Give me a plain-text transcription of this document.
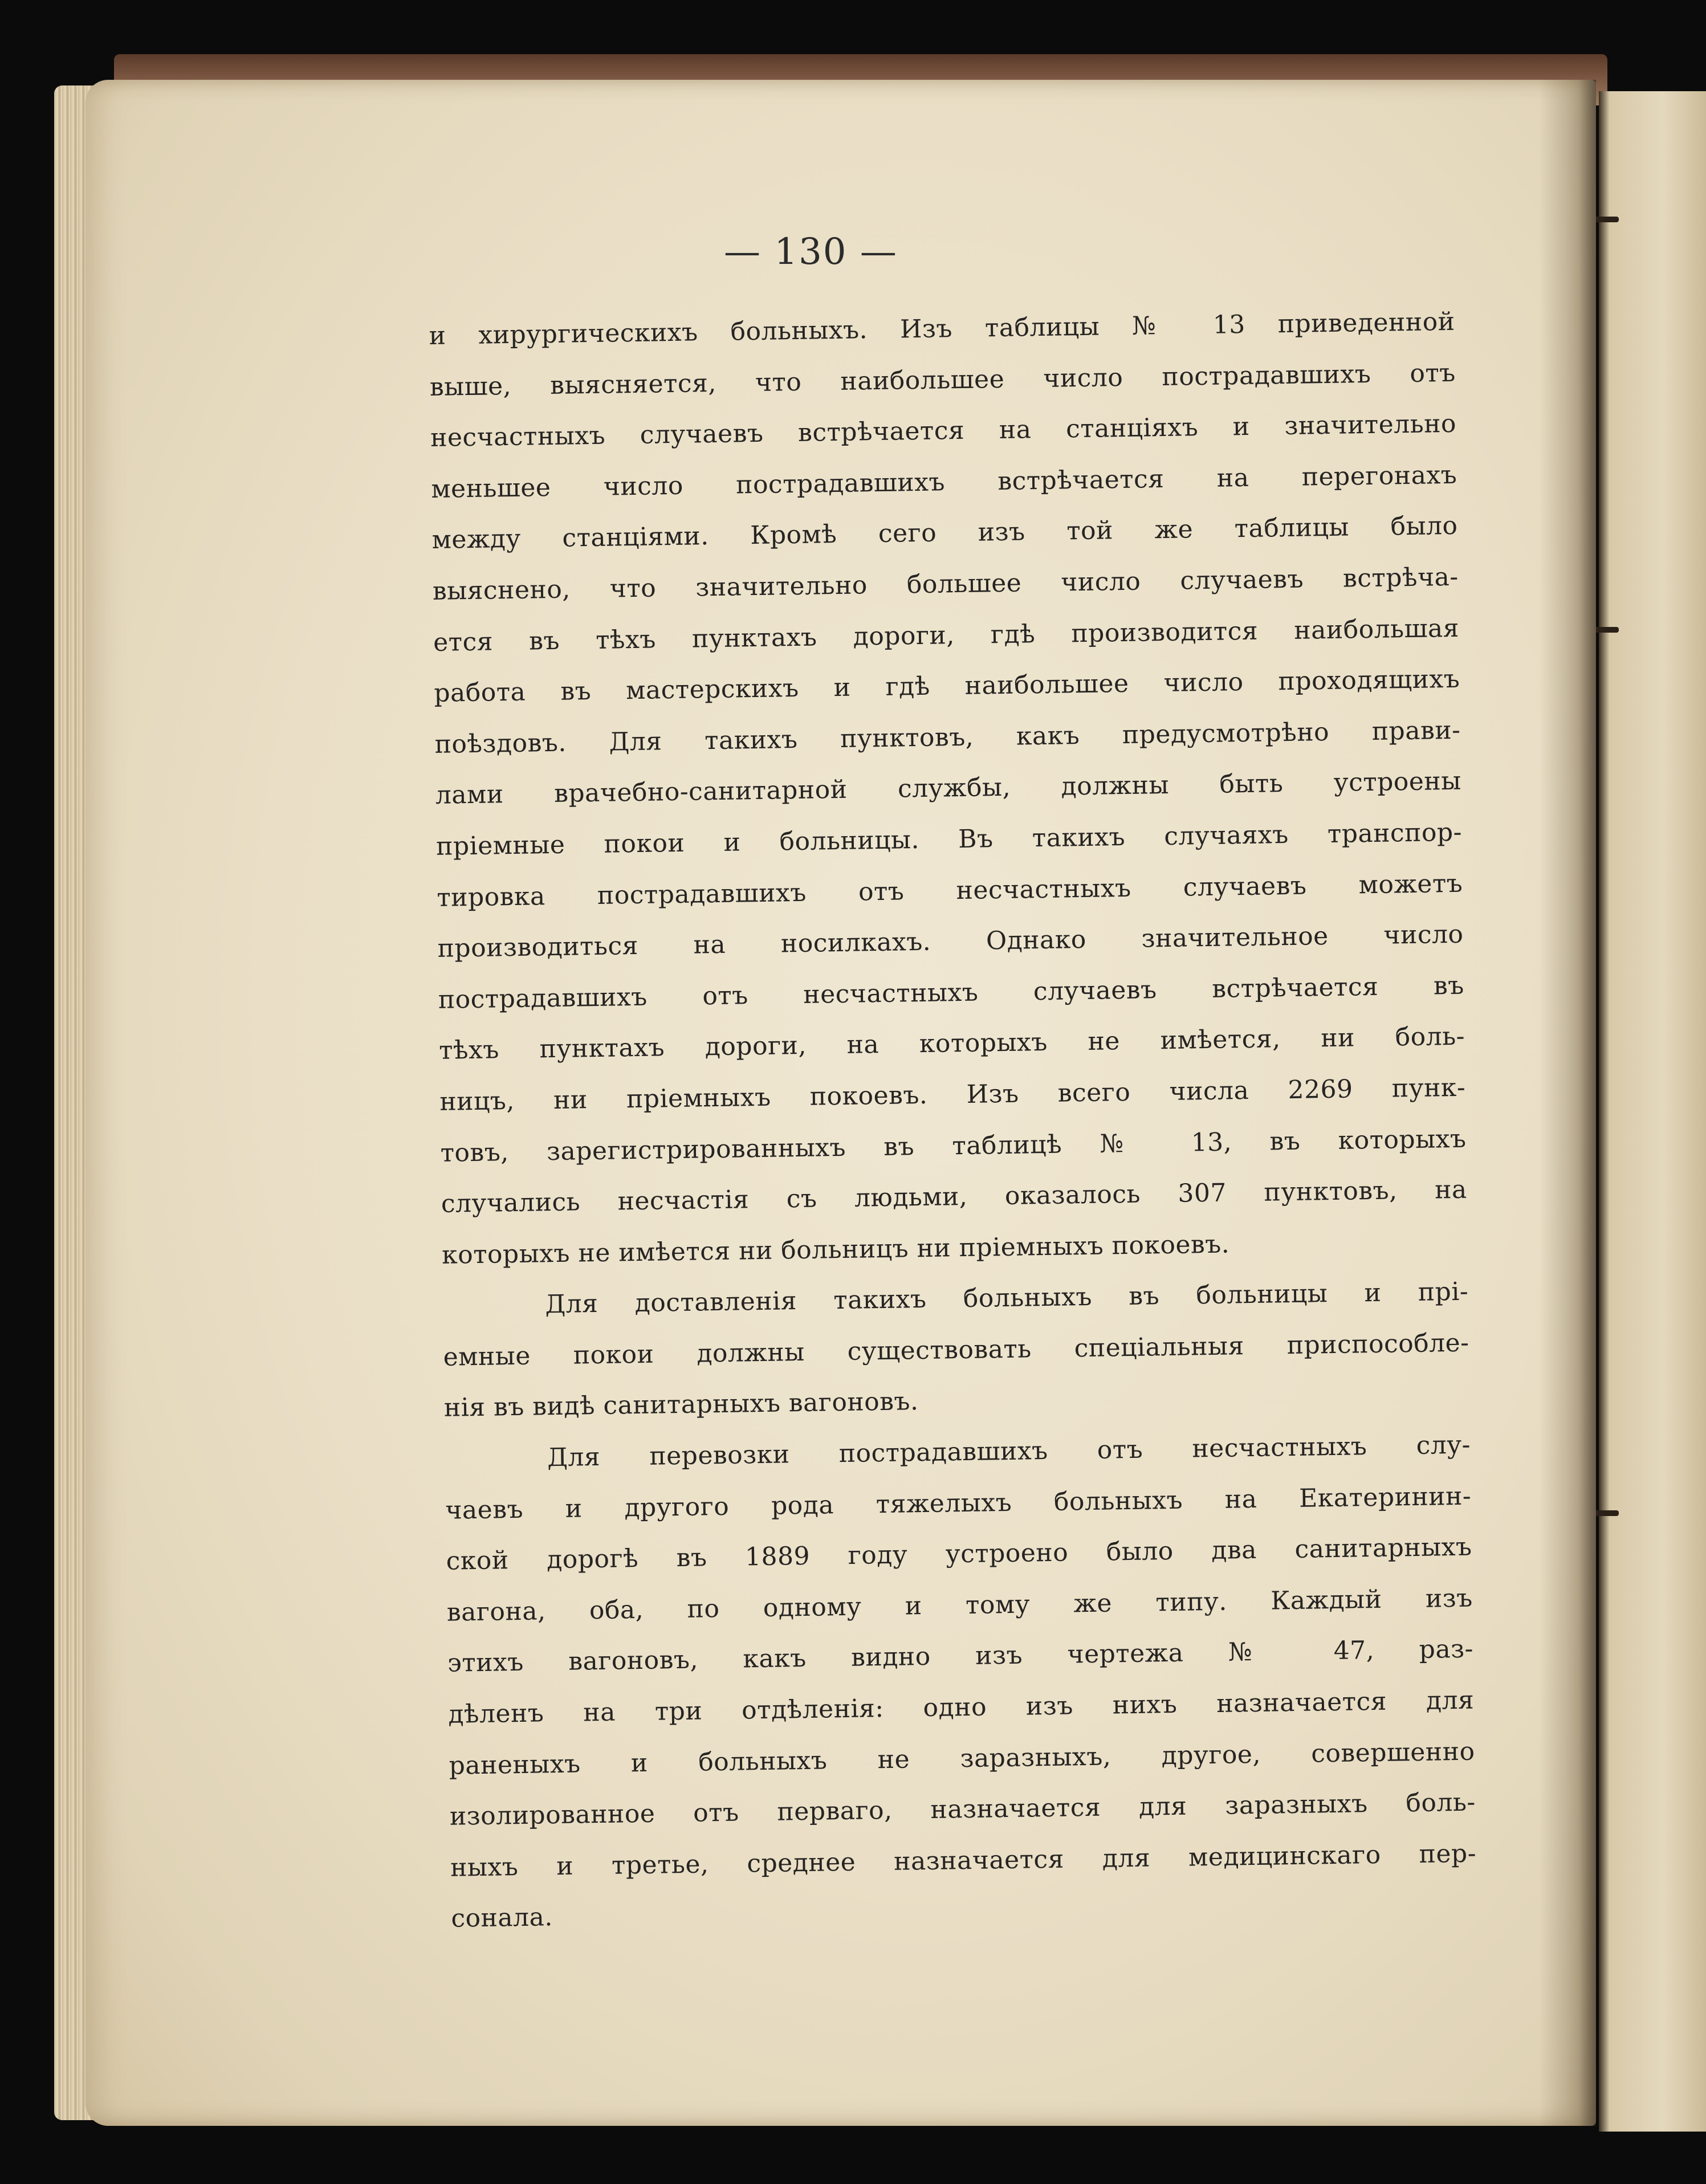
— 130 —
и хирургическихъ больныхъ. Изъ таблицы № 13 приведенной
выше, выясняется, что наибольшее число пострадавшихъ отъ
несчастныхъ случаевъ встрѣчается на станціяхъ и значительно
меньшее число пострадавшихъ встрѣчается на перегонахъ
между станціями. Кромѣ сего изъ той же таблицы было
выяснено, что значительно большее число случаевъ встрѣча-
ется въ тѣхъ пунктахъ дороги, гдѣ производится наибольшая
работа въ мастерскихъ и гдѣ наибольшее число проходящихъ
поѣздовъ. Для такихъ пунктовъ, какъ предусмотрѣно прави-
лами врачебно-санитарной службы, должны быть устроены
пріемные покои и больницы. Въ такихъ случаяхъ транспор-
тировка пострадавшихъ отъ несчастныхъ случаевъ можетъ
производиться на носилкахъ. Однако значительное число
пострадавшихъ отъ несчастныхъ случаевъ встрѣчается въ
тѣхъ пунктахъ дороги, на которыхъ не имѣется, ни боль-
ницъ, ни пріемныхъ покоевъ. Изъ всего числа 2269 пунк-
товъ, зарегистрированныхъ въ таблицѣ № 13, въ которыхъ
случались несчастія съ людьми, оказалось 307 пунктовъ, на
которыхъ не имѣется ни больницъ ни пріемныхъ покоевъ.
Для доставленія такихъ больныхъ въ больницы и прі-
емные покои должны существовать спеціальныя приспособле-
нія въ видѣ санитарныхъ вагоновъ.
Для перевозки пострадавшихъ отъ несчастныхъ слу-
чаевъ и другого рода тяжелыхъ больныхъ на Екатеринин-
ской дорогѣ въ 1889 году устроено было два санитарныхъ
вагона, оба, по одному и тому же типу. Каждый изъ
этихъ вагоновъ, какъ видно изъ чертежа № 47, раз-
дѣленъ на три отдѣленія: одно изъ нихъ назначается для
раненыхъ и больныхъ не заразныхъ, другое, совершенно
изолированное отъ перваго, назначается для заразныхъ боль-
ныхъ и третье, среднее назначается для медицинскаго пер-
сонала.
